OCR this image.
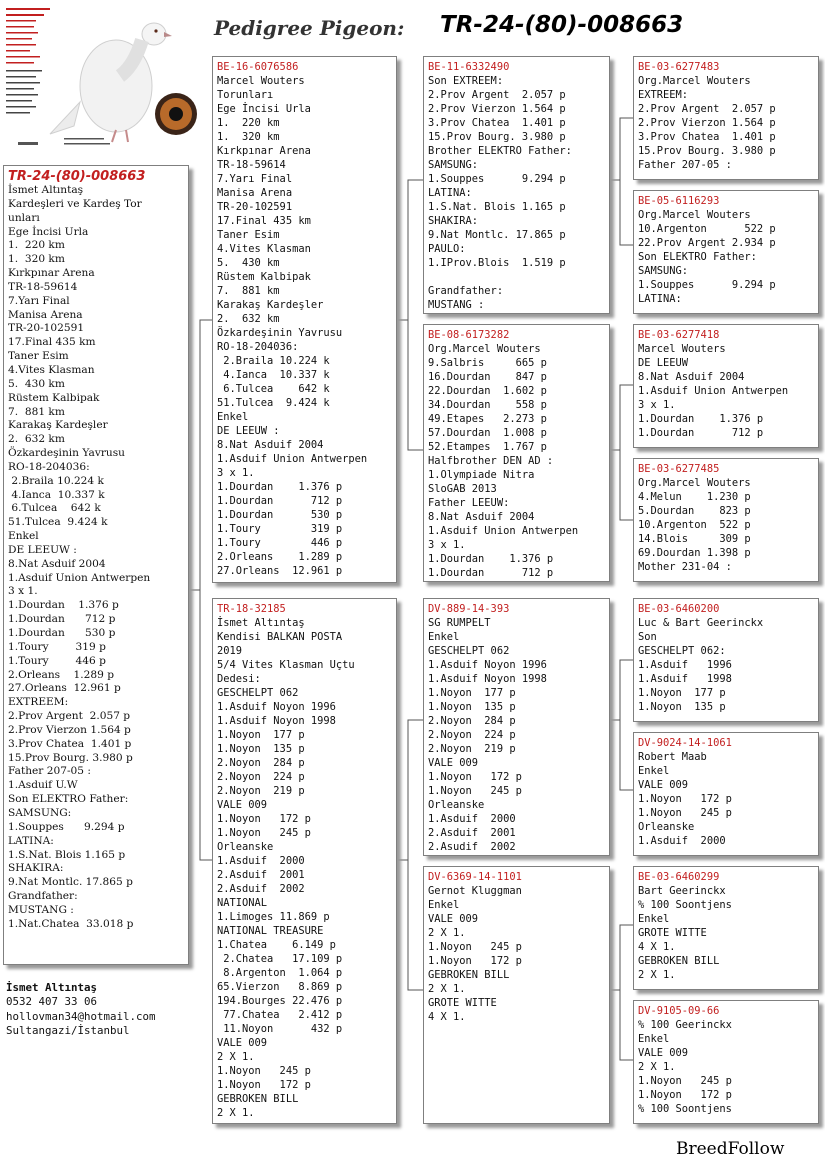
Pedigree Pigeon: TR-24-(80)-008663
TR-24-(80)-008663
İsmet Altıntaş
Kardeşleri ve Kardeş Tor
unları
Ege İncisi Urla
1.  220 km
1.  320 km
Kırkpınar Arena
TR-18-59614
7.Yarı Final
Manisa Arena
TR-20-102591
17.Final 435 km
Taner Esim
4.Vites Klasman
5.  430 km
Rüstem Kalbipak
7.  881 km
Karakaş Kardeşler
2.  632 km
Özkardeşinin Yavrusu
RO-18-204036:
2.Braila 10.224 k
4.Ianca  10.337 k
6.Tulcea    642 k
51.Tulcea  9.424 k
Enkel
DE LEEUW :
8.Nat Asduif 2004
1.Asduif Union Antwerpen
3 x 1.
1.Dourdan    1.376 p
1.Dourdan      712 p
1.Dourdan      530 p
1.Toury        319 p
1.Toury        446 p
2.Orleans    1.289 p
27.Orleans  12.961 p
EXTREEM:
2.Prov Argent  2.057 p
2.Prov Vierzon 1.564 p
3.Prov Chatea  1.401 p
15.Prov Bourg. 3.980 p
Father 207-05 :
1.Asduif U.W
Son ELEKTRO Father:
SAMSUNG:
1.Souppes      9.294 p
LATINA:
1.S.Nat. Blois 1.165 p
SHAKIRA:
9.Nat Montlc. 17.865 p
Grandfather:
MUSTANG :
1.Nat.Chatea  33.018 p
BE-16-6076586
Marcel Wouters
Torunları
Ege İncisi Urla
1.  220 km
1.  320 km
Kırkpınar Arena
TR-18-59614
7.Yarı Final
Manisa Arena
TR-20-102591
17.Final 435 km
Taner Esim
4.Vites Klasman
5.  430 km
Rüstem Kalbipak
7.  881 km
Karakaş Kardeşler
2.  632 km
Özkardeşinin Yavrusu
RO-18-204036:
2.Braila 10.224 k
4.Ianca  10.337 k
6.Tulcea    642 k
51.Tulcea  9.424 k
Enkel
DE LEEUW :
8.Nat Asduif 2004
1.Asduif Union Antwerpen
3 x 1.
1.Dourdan    1.376 p
1.Dourdan      712 p
1.Dourdan      530 p
1.Toury        319 p
1.Toury        446 p
2.Orleans    1.289 p
27.Orleans  12.961 p
TR-18-32185
İsmet Altıntaş
Kendisi BALKAN POSTA
2019
5/4 Vites Klasman Uçtu
Dedesi:
GESCHELPT 062
1.Asduif Noyon 1996
1.Asduif Noyon 1998
1.Noyon  177 p
1.Noyon  135 p
2.Noyon  284 p
2.Noyon  224 p
2.Noyon  219 p
VALE 009
1.Noyon   172 p
1.Noyon   245 p
Orleanske
1.Asduif  2000
2.Asduif  2001
2.Asduif  2002
NATIONAL
1.Limoges 11.869 p
NATIONAL TREASURE
1.Chatea    6.149 p
2.Chatea   17.109 p
8.Argenton  1.064 p
65.Vierzon   8.869 p
194.Bourges 22.476 p
77.Chatea   2.412 p
11.Noyon      432 p
VALE 009
2 X 1.
1.Noyon   245 p
1.Noyon   172 p
GEBROKEN BILL
2 X 1.
BE-11-6332490
Son EXTREEM:
2.Prov Argent  2.057 p
2.Prov Vierzon 1.564 p
3.Prov Chatea  1.401 p
15.Prov Bourg. 3.980 p
Brother ELEKTRO Father:
SAMSUNG:
1.Souppes      9.294 p
LATINA:
1.S.Nat. Blois 1.165 p
SHAKIRA:
9.Nat Montlc. 17.865 p
PAULO:
1.IProv.Blois  1.519 p

Grandfather:
MUSTANG :
BE-08-6173282
Org.Marcel Wouters
9.Salbris     665 p
16.Dourdan    847 p
22.Dourdan  1.602 p
34.Dourdan    558 p
49.Etapes   2.273 p
57.Dourdan  1.008 p
52.Etampes  1.767 p
Halfbrother DEN AD :
1.Olympiade Nitra
SloGAB 2013
Father LEEUW:
8.Nat Asduif 2004
1.Asduif Union Antwerpen
3 x 1.
1.Dourdan    1.376 p
1.Dourdan      712 p
DV-889-14-393
SG RUMPELT
Enkel
GESCHELPT 062
1.Asduif Noyon 1996
1.Asduif Noyon 1998
1.Noyon  177 p
1.Noyon  135 p
2.Noyon  284 p
2.Noyon  224 p
2.Noyon  219 p
VALE 009
1.Noyon   172 p
1.Noyon   245 p
Orleanske
1.Asduif  2000
2.Asduif  2001
2.Asudif  2002
DV-6369-14-1101
Gernot Kluggman
Enkel
VALE 009
2 X 1.
1.Noyon   245 p
1.Noyon   172 p
GEBROKEN BILL
2 X 1.
GROTE WITTE
4 X 1.
BE-03-6277483
Org.Marcel Wouters
EXTREEM:
2.Prov Argent  2.057 p
2.Prov Vierzon 1.564 p
3.Prov Chatea  1.401 p
15.Prov Bourg. 3.980 p
Father 207-05 :
BE-05-6116293
Org.Marcel Wouters
10.Argenton      522 p
22.Prov Argent 2.934 p
Son ELEKTRO Father:
SAMSUNG:
1.Souppes      9.294 p
LATINA:
BE-03-6277418
Marcel Wouters
DE LEEUW
8.Nat Asduif 2004
1.Asduif Union Antwerpen
3 x 1.
1.Dourdan    1.376 p
1.Dourdan      712 p
BE-03-6277485
Org.Marcel Wouters
4.Melun    1.230 p
5.Dourdan    823 p
10.Argenton  522 p
14.Blois     309 p
69.Dourdan 1.398 p
Mother 231-04 :
BE-03-6460200
Luc & Bart Geerinckx
Son
GESCHELPT 062:
1.Asduif   1996
1.Asduif   1998
1.Noyon  177 p
1.Noyon  135 p
DV-9024-14-1061
Robert Maab
Enkel
VALE 009
1.Noyon   172 p
1.Noyon   245 p
Orleanske
1.Asduif  2000
BE-03-6460299
Bart Geerinckx
% 100 Soontjens
Enkel
GROTE WITTE
4 X 1.
GEBROKEN BILL
2 X 1.
DV-9105-09-66
% 100 Geerinckx
Enkel
VALE 009
2 X 1.
1.Noyon   245 p
1.Noyon   172 p
% 100 Soontjens
İsmet Altıntaş
0532 407 33 06
hollovman34@hotmail.com
Sultangazi/İstanbul
BreedFollow
